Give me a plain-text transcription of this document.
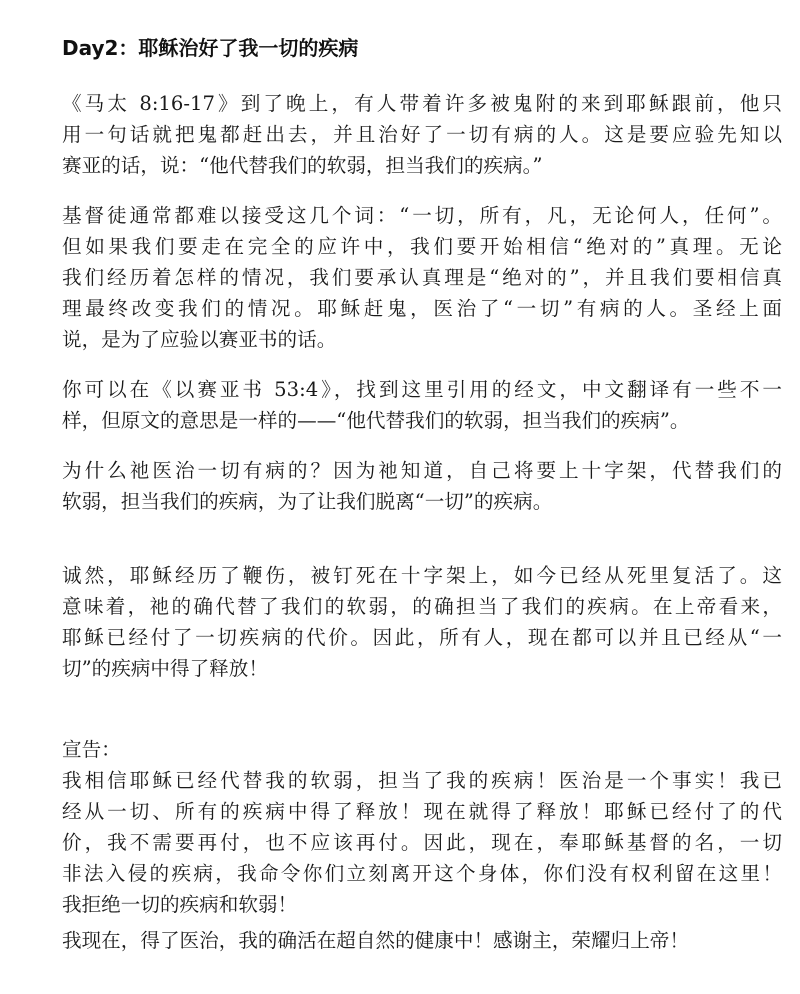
Day2：耶稣治好了我一切的疾病
《马太 8:16-17》到了晚上，有人带着许多被鬼附的来到耶稣跟前，他只
用一句话就把鬼都赶出去，并且治好了一切有病的人。这是要应验先知以
赛亚的话，说：“他代替我们的软弱，担当我们的疾病。”
基督徒通常都难以接受这几个词：“一切，所有，凡，无论何人，任何”。
但如果我们要走在完全的应许中，我们要开始相信“绝对的”真理。无论
我们经历着怎样的情况，我们要承认真理是“绝对的”，并且我们要相信真
理最终改变我们的情况。耶稣赶鬼，医治了“一切”有病的人。圣经上面
说，是为了应验以赛亚书的话。
你可以在《以赛亚书 53:4》，找到这里引用的经文，中文翻译有一些不一
样，但原文的意思是一样的——“他代替我们的软弱，担当我们的疾病”。
为什么祂医治一切有病的？因为祂知道，自己将要上十字架，代替我们的
软弱，担当我们的疾病，为了让我们脱离“一切”的疾病。
诚然，耶稣经历了鞭伤，被钉死在十字架上，如今已经从死里复活了。这
意味着，祂的确代替了我们的软弱，的确担当了我们的疾病。在上帝看来，
耶稣已经付了一切疾病的代价。因此，所有人，现在都可以并且已经从“一
切”的疾病中得了释放！
宣告：
我相信耶稣已经代替我的软弱，担当了我的疾病！医治是一个事实！我已
经从一切、所有的疾病中得了释放！现在就得了释放！耶稣已经付了的代
价，我不需要再付，也不应该再付。因此，现在，奉耶稣基督的名，一切
非法入侵的疾病，我命令你们立刻离开这个身体，你们没有权利留在这里！
我拒绝一切的疾病和软弱！
我现在，得了医治，我的确活在超自然的健康中！感谢主，荣耀归上帝！
